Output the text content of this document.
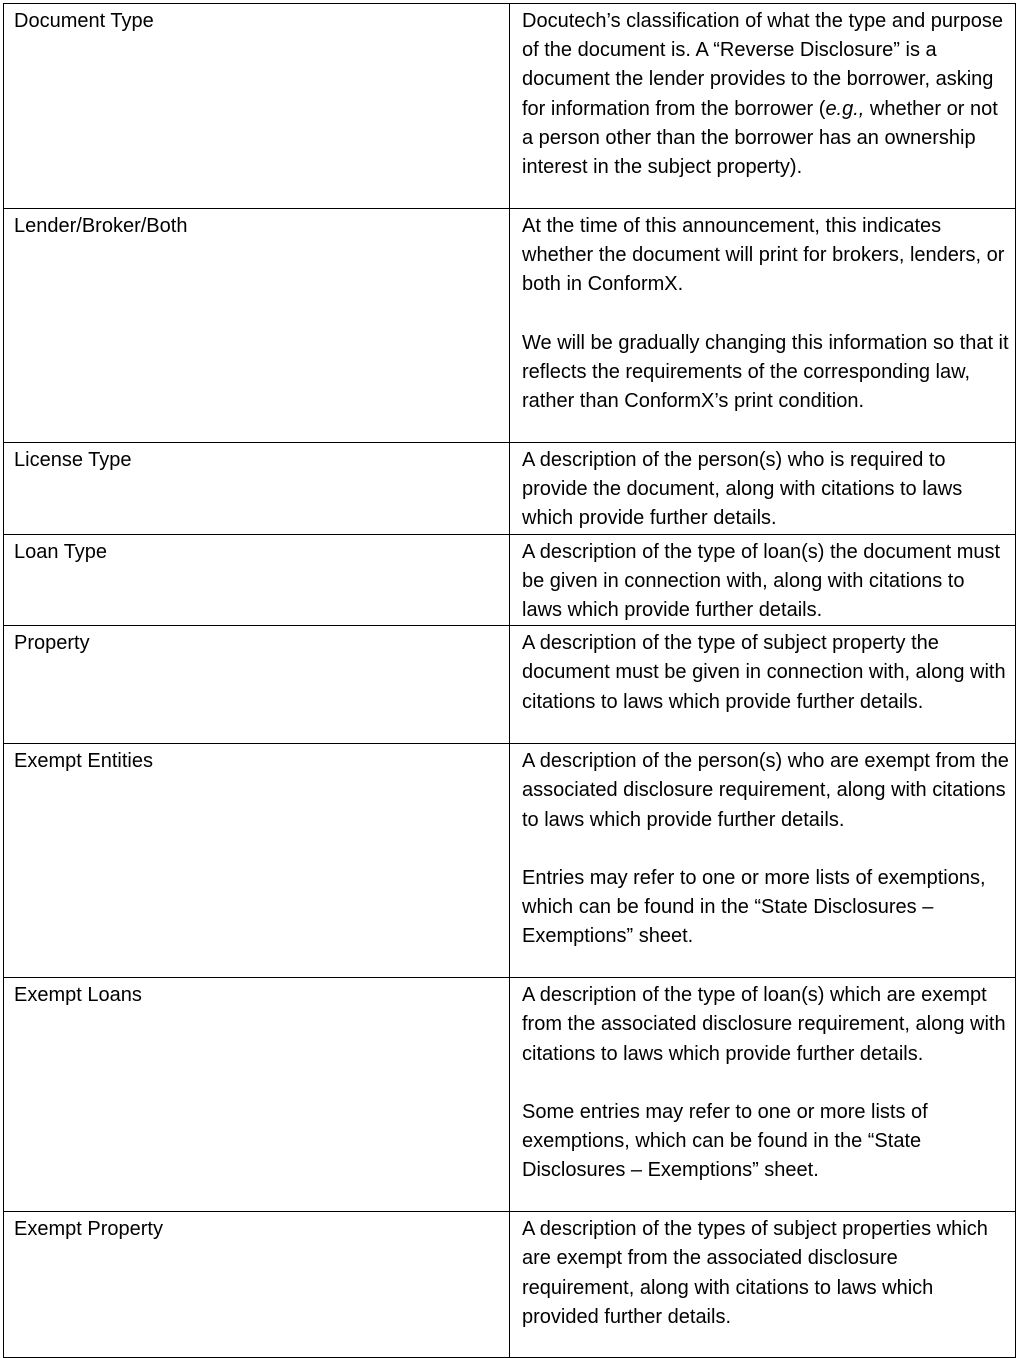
Document Type	Docutech’s classification of what the type and purpose of the document is. A “Reverse Disclosure” is a document the lender provides to the borrower, asking for information from the borrower (e.g., whether or not a person other than the borrower has an ownership interest in the subject property).

Lender/Broker/Both	At the time of this announcement, this indicates whether the document will print for brokers, lenders, or both in ConformX.

We will be gradually changing this information so that it reflects the requirements of the corresponding law, rather than ConformX’s print condition.

License Type	A description of the person(s) who is required to provide the document, along with citations to laws which provide further details.

Loan Type	A description of the type of loan(s) the document must be given in connection with, along with citations to laws which provide further details.

Property	A description of the type of subject property the document must be given in connection with, along with citations to laws which provide further details.

Exempt Entities	A description of the person(s) who are exempt from the associated disclosure requirement, along with citations to laws which provide further details.

Entries may refer to one or more lists of exemptions, which can be found in the “State Disclosures – Exemptions” sheet.

Exempt Loans	A description of the type of loan(s) which are exempt from the associated disclosure requirement, along with citations to laws which provide further details.

Some entries may refer to one or more lists of exemptions, which can be found in the “State Disclosures – Exemptions” sheet.

Exempt Property	A description of the types of subject properties which are exempt from the associated disclosure requirement, along with citations to laws which provided further details.
